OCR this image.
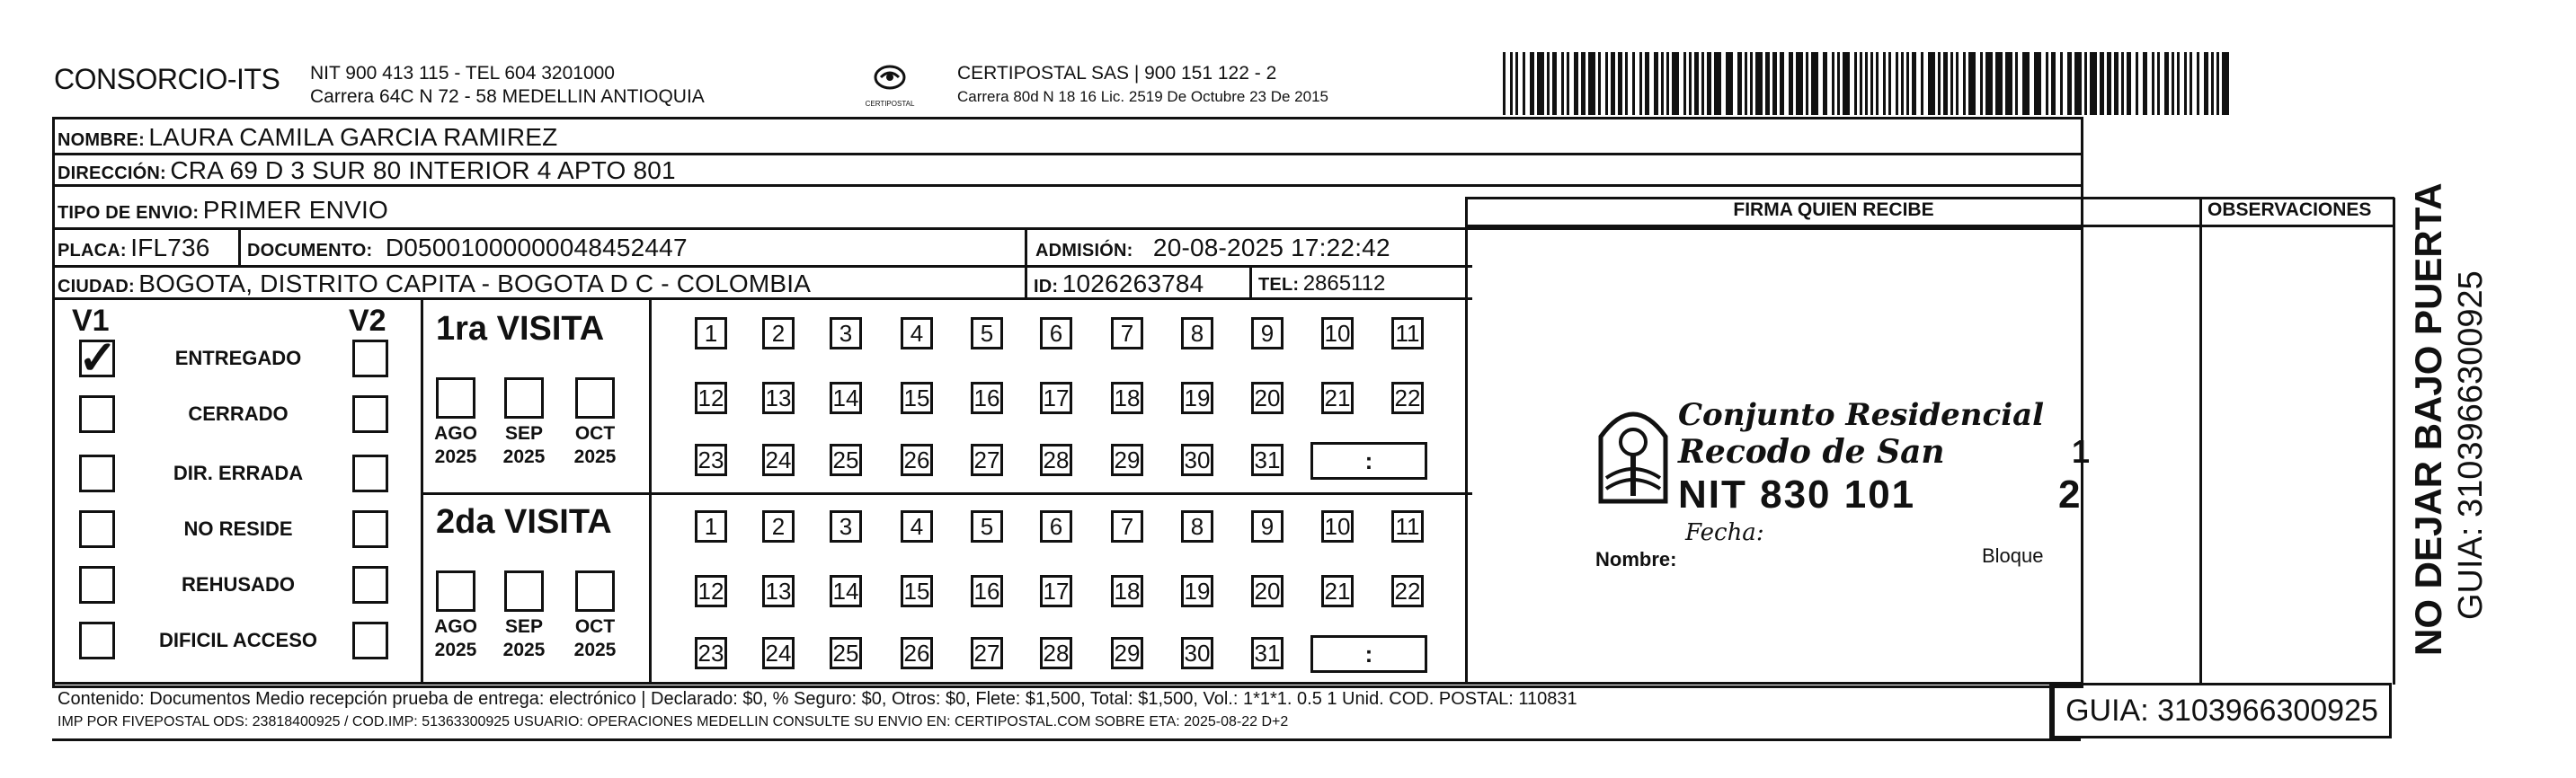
CONSORCIO-ITS NIT 900 413 115 - TEL 604 3201000
Carrera 64C N 72 - 58 MEDELLIN ANTIOQUIA	CERTIPOSTAL
CERTIPOSTAL SAS | 900 151 122 - 2
Carrera 80d N 18 16 Lic. 2519 De Octubre 23 De 2015
NOMBRE: LAURA CAMILA GARCIA RAMIREZ
DIRECCIÓN: CRA 69 D 3 SUR 80 INTERIOR 4 APTO 801
TIPO DE ENVIO: PRIMER ENVIO	FIRMA QUIEN RECIBE	OBSERVACIONES
PLACA: IFL736 DOCUMENTO: D05001000000048452447	ADMISIÓN: 20-08-2025 17:22:42
CIUDAD: BOGOTA, DISTRITO CAPITA - BOGOTA D C - COLOMBIA	ID: 1026263784	TEL: 2865112
V1	V2
✓	ENTREGADO
CERRADO
DIR. ERRADA
NO RESIDE
REHUSADO
DIFICIL ACCESO
1ra VISITA
AGO
2025
SEP
2025
OCT
2025
1	2	3	4	5	6	7	8	9	10 11
12 13 14 15 16 17 18 19 20 21 22
23 24 25 26 27 28 29 30 31	:
2da VISITA
AGO
2025
SEP
2025
OCT
2025
1	2	3	4	5	6	7	8	9	10 11
12 13 14 15 16 17 18 19 20 21 22
23 24 25 26 27 28 29 30 31	:
Conjunto Residencial
Recodo de San	1
NIT 830 101	2
Fecha:
Nombre:	Bloque
Contenido: Documentos Medio recepción prueba de entrega: electrónico | Declarado: $0, % Seguro: $0, Otros: $0, Flete: $1,500, Total: $1,500, Vol.: 1*1*1. 0.5 1 Unid. COD. POSTAL: 110831
IMP POR FIVEPOSTAL ODS: 23818400925 / COD.IMP: 51363300925 USUARIO: OPERACIONES MEDELLIN CONSULTE SU ENVIO EN: CERTIPOSTAL.COM SOBRE ETA: 2025-08-22 D+2	GUIA: 3103966300925
NO DEJAR BAJO PUERTA GUIA: 3103966300925
